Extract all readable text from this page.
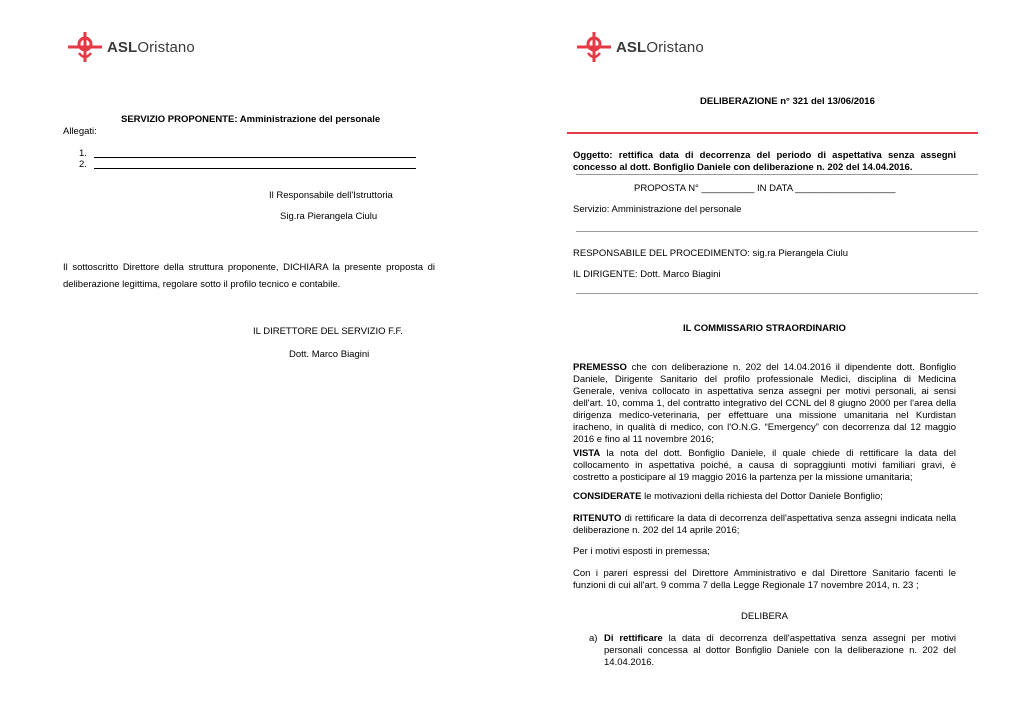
ASLOristano	ASLOristano
SERVIZIO PROPONENTE: Amministrazione del personale
Allegati:
1.
2.
Il Responsabile dell'Istruttoria
Sig.ra Pierangela Ciulu
Il sottoscritto Direttore della struttura proponente, DICHIARA la presente proposta di deliberazione legittima, regolare sotto il profilo tecnico e contabile.
IL DIRETTORE DEL SERVIZIO F.F.
Dott. Marco Biagini
DELIBERAZIONE n° 321 del 13/06/2016
Oggetto: rettifica data di decorrenza del periodo di aspettativa senza assegni concesso al dott. Bonfiglio Daniele con deliberazione n. 202 del 14.04.2016.
PROPOSTA N° __________ IN DATA ___________________
Servizio: Amministrazione del personale
RESPONSABILE DEL PROCEDIMENTO: sig.ra Pierangela Ciulu
IL DIRIGENTE: Dott. Marco Biagini
IL COMMISSARIO STRAORDINARIO
PREMESSO che con deliberazione n. 202 del 14.04.2016 il dipendente dott. Bonfiglio Daniele, Dirigente Sanitario del profilo professionale Medici, disciplina di Medicina Generale, veniva collocato in aspettativa senza assegni per motivi personali, ai sensi dell'art. 10, comma 1, del contratto integrativo del CCNL del 8 giugno 2000 per l'area della dirigenza medico-veterinaria, per effettuare una missione umanitaria nel Kurdistan iracheno, in qualità di medico, con l'O.N.G. “Emergency” con decorrenza dal 12 maggio 2016 e fino al 11 novembre 2016;
VISTA la nota del dott. Bonfiglio Daniele, il quale chiede di rettificare la data del collocamento in aspettativa poiché, a causa di sopraggiunti motivi familiari gravi, è costretto a posticipare al 19 maggio 2016 la partenza per la missione umanitaria;
CONSIDERATE le motivazioni della richiesta del Dottor Daniele Bonfiglio;
RITENUTO di rettificare la data di decorrenza dell'aspettativa senza assegni indicata nella deliberazione n. 202 del 14 aprile 2016;
Per i motivi esposti in premessa;
Con i pareri espressi del Direttore Amministrativo e dal Direttore Sanitario facenti le funzioni di cui all'art. 9 comma 7 della Legge Regionale 17 novembre 2014, n. 23 ;
DELIBERA
a) Di rettificare la data di decorrenza dell'aspettativa senza assegni per motivi personali concessa al dottor Bonfiglio Daniele con la deliberazione n. 202 del 14.04.2016.
